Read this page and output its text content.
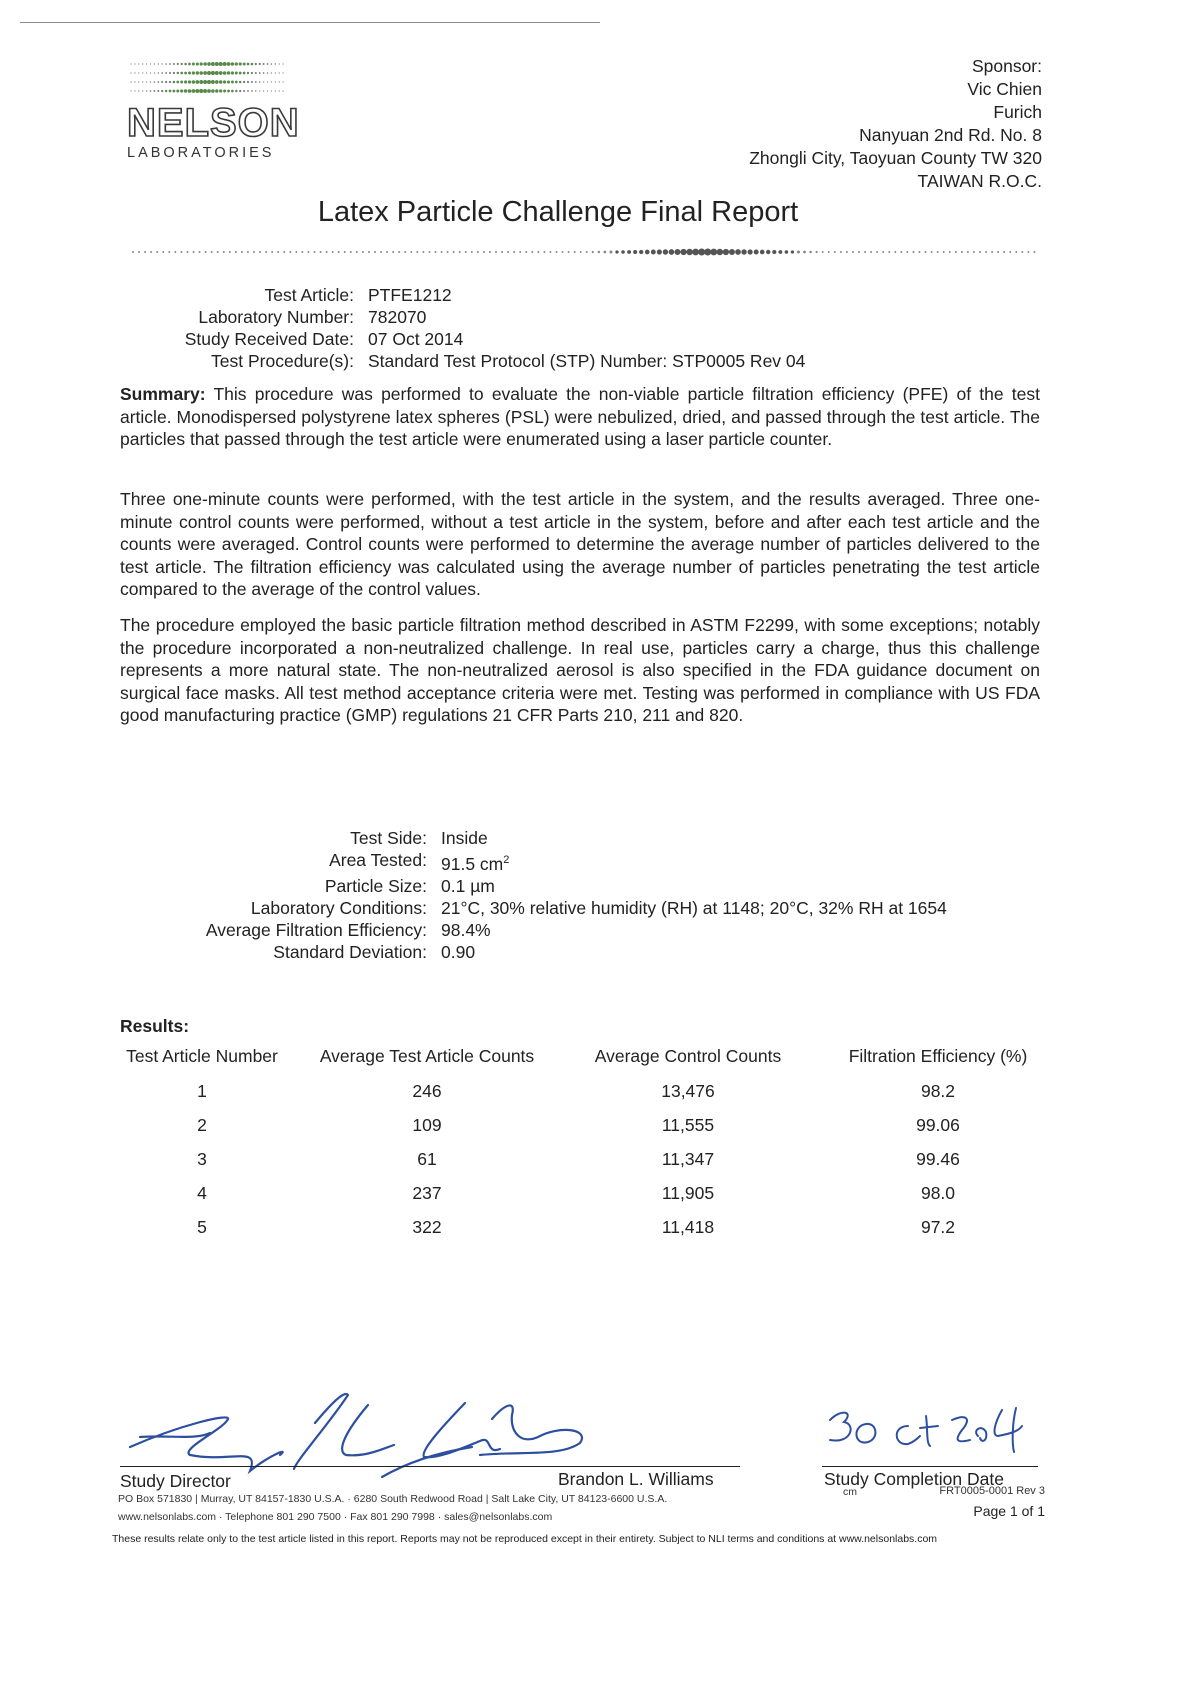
NELSON
LABORATORIES
Sponsor:
Vic Chien
Furich
Nanyuan 2nd Rd. No. 8
Zhongli City, Taoyuan County TW 320
TAIWAN R.O.C.
Latex Particle Challenge Final Report
Test Article: PTFE1212
Laboratory Number: 782070
Study Received Date: 07 Oct 2014
Test Procedure(s): Standard Test Protocol (STP) Number: STP0005 Rev 04
Summary: This procedure was performed to evaluate the non-viable particle filtration efficiency (PFE) of the test article. Monodispersed polystyrene latex spheres (PSL) were nebulized, dried, and passed through the test article. The particles that passed through the test article were enumerated using a laser particle counter.
Three one-minute counts were performed, with the test article in the system, and the results averaged. Three one-minute control counts were performed, without a test article in the system, before and after each test article and the counts were averaged. Control counts were performed to determine the average number of particles delivered to the test article. The filtration efficiency was calculated using the average number of particles penetrating the test article compared to the average of the control values.
The procedure employed the basic particle filtration method described in ASTM F2299, with some exceptions; notably the procedure incorporated a non-neutralized challenge. In real use, particles carry a charge, thus this challenge represents a more natural state. The non-neutralized aerosol is also specified in the FDA guidance document on surgical face masks. All test method acceptance criteria were met. Testing was performed in compliance with US FDA good manufacturing practice (GMP) regulations 21 CFR Parts 210, 211 and 820.
Test Side: Inside
Area Tested: 91.5 $cm^2$
Particle Size: 0.1 µm
Laboratory Conditions: 21°C, 30% relative humidity (RH) at 1148; 20°C, 32% RH at 1654
Average Filtration Efficiency: 98.4%
Standard Deviation: 0.90
Results:
Test Article Number	Average Test Article Counts	Average Control Counts	Filtration Efficiency (%)
1	246	13,476	98.2
2	109	11,555	99.06
3	61	11,347	99.46
4	237	11,905	98.0
5	322	11,418	97.2
Study Director	Brandon L. Williams	Study Completion Date
PO Box 571830 | Murray, UT 84157-1830 U.S.A. · 6280 South Redwood Road | Salt Lake City, UT 84123-6600 U.S.A.
www.nelsonlabs.com · Telephone 801 290 7500 · Fax 801 290 7998 · sales@nelsonlabs.com
cm	FRT0005-0001 Rev 3
Page 1 of 1
These results relate only to the test article listed in this report. Reports may not be reproduced except in their entirety. Subject to NLI terms and conditions at www.nelsonlabs.com
